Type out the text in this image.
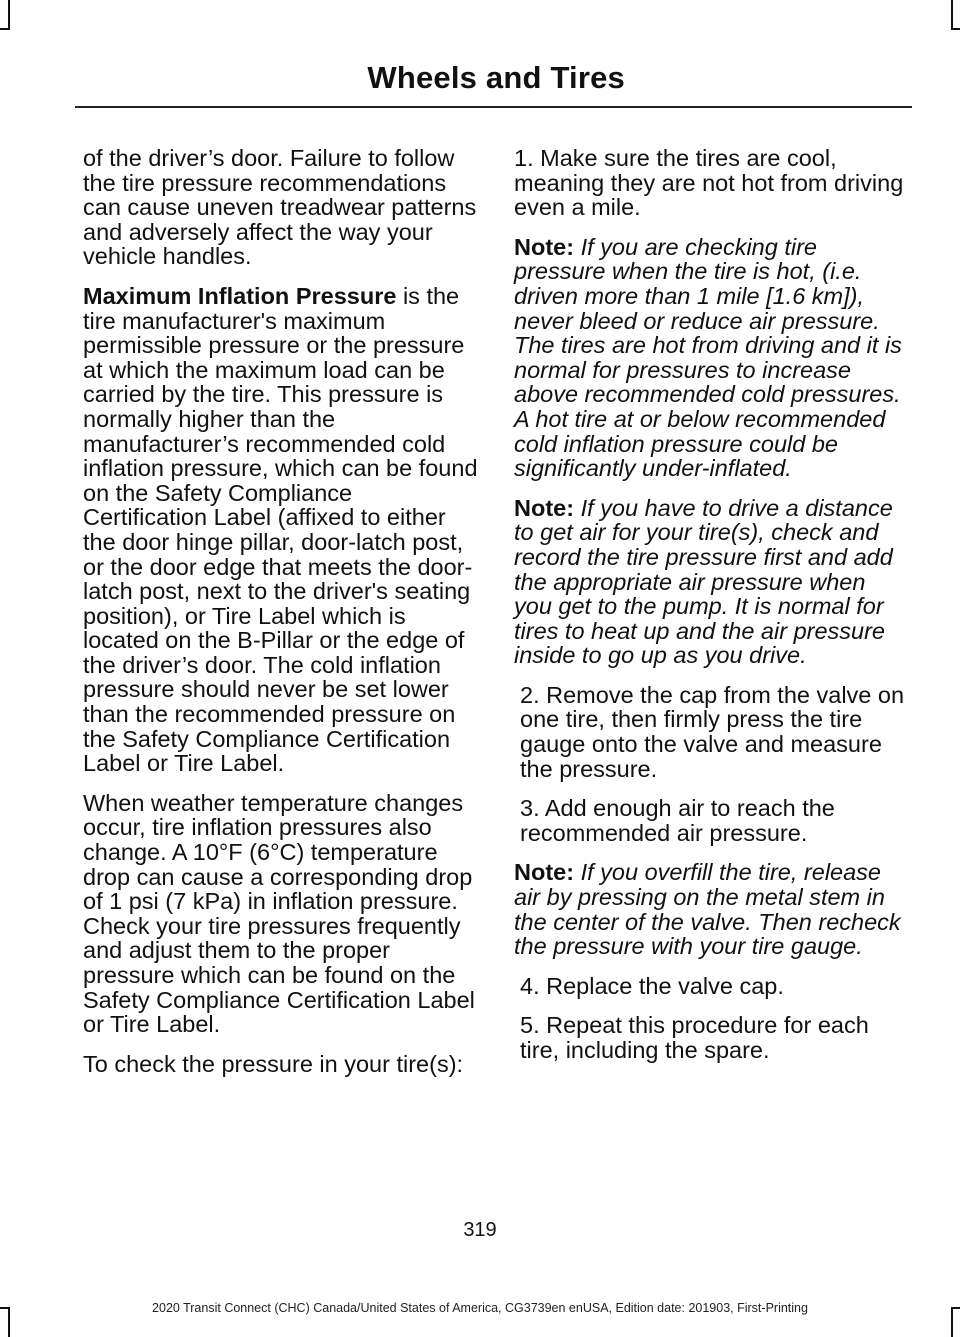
Wheels and Tires

of the driver’s door. Failure to follow the tire pressure recommendations can cause uneven treadwear patterns and adversely affect the way your vehicle handles.

Maximum Inflation Pressure is the tire manufacturer's maximum permissible pressure or the pressure at which the maximum load can be carried by the tire. This pressure is normally higher than the manufacturer’s recommended cold inflation pressure, which can be found on the Safety Compliance Certification Label (affixed to either the door hinge pillar, door-latch post, or the door edge that meets the door-latch post, next to the driver's seating position), or Tire Label which is located on the B-Pillar or the edge of the driver’s door. The cold inflation pressure should never be set lower than the recommended pressure on the Safety Compliance Certification Label or Tire Label.

When weather temperature changes occur, tire inflation pressures also change. A 10°F (6°C) temperature drop can cause a corresponding drop of 1 psi (7 kPa) in inflation pressure. Check your tire pressures frequently and adjust them to the proper pressure which can be found on the Safety Compliance Certification Label or Tire Label.

To check the pressure in your tire(s):

1. Make sure the tires are cool, meaning they are not hot from driving even a mile.

Note: If you are checking tire pressure when the tire is hot, (i.e. driven more than 1 mile [1.6 km]), never bleed or reduce air pressure. The tires are hot from driving and it is normal for pressures to increase above recommended cold pressures. A hot tire at or below recommended cold inflation pressure could be significantly under-inflated.

Note: If you have to drive a distance to get air for your tire(s), check and record the tire pressure first and add the appropriate air pressure when you get to the pump. It is normal for tires to heat up and the air pressure inside to go up as you drive.

2. Remove the cap from the valve on one tire, then firmly press the tire gauge onto the valve and measure the pressure.

3. Add enough air to reach the recommended air pressure.

Note: If you overfill the tire, release air by pressing on the metal stem in the center of the valve. Then recheck the pressure with your tire gauge.

4. Replace the valve cap.

5. Repeat this procedure for each tire, including the spare.

319
2020 Transit Connect (CHC) Canada/United States of America, CG3739en enUSA, Edition date: 201903, First-Printing
